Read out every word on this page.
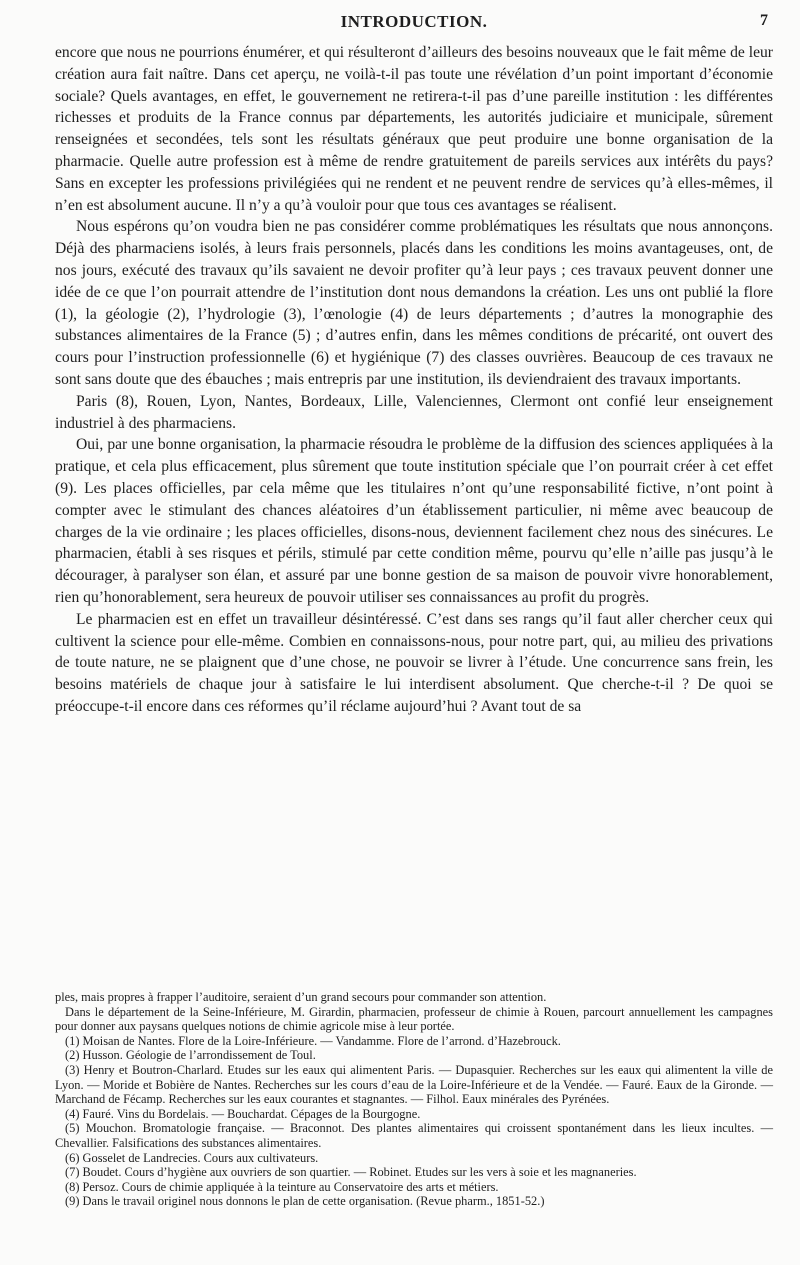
INTRODUCTION.	7

encore que nous ne pourrions énumérer, et qui résulteront d’ailleurs des besoins nouveaux que le fait même de leur création aura fait naître. Dans cet aperçu, ne voilà-t-il pas toute une révélation d’un point important d’économie sociale? Quels avantages, en effet, le gouvernement ne retirera-t-il pas d’une pareille institution : les différentes richesses et produits de la France connus par départements, les autorités judiciaire et municipale, sûrement renseignées et secondées, tels sont les résultats généraux que peut produire une bonne organisation de la pharmacie. Quelle autre profession est à même de rendre gratuitement de pareils services aux intérêts du pays? Sans en excepter les professions privilégiées qui ne rendent et ne peuvent rendre de services qu’à elles-mêmes, il n’en est absolument aucune. Il n’y a qu’à vouloir pour que tous ces avantages se réalisent.

Nous espérons qu’on voudra bien ne pas considérer comme problématiques les résultats que nous annonçons. Déjà des pharmaciens isolés, à leurs frais personnels, placés dans les conditions les moins avantageuses, ont, de nos jours, exécuté des travaux qu’ils savaient ne devoir profiter qu’à leur pays ; ces travaux peuvent donner une idée de ce que l’on pourrait attendre de l’institution dont nous demandons la création. Les uns ont publié la flore (1), la géologie (2), l’hydrologie (3), l’œnologie (4) de leurs départements ; d’autres la monographie des substances alimentaires de la France (5) ; d’autres enfin, dans les mêmes conditions de précarité, ont ouvert des cours pour l’instruction professionnelle (6) et hygiénique (7) des classes ouvrières. Beaucoup de ces travaux ne sont sans doute que des ébauches ; mais entrepris par une institution, ils deviendraient des travaux importants.

Paris (8), Rouen, Lyon, Nantes, Bordeaux, Lille, Valenciennes, Clermont ont confié leur enseignement industriel à des pharmaciens.

Oui, par une bonne organisation, la pharmacie résoudra le problème de la diffusion des sciences appliquées à la pratique, et cela plus efficacement, plus sûrement que toute institution spéciale que l’on pourrait créer à cet effet (9). Les places officielles, par cela même que les titulaires n’ont qu’une responsabilité fictive, n’ont point à compter avec le stimulant des chances aléatoires d’un établissement particulier, ni même avec beaucoup de charges de la vie ordinaire ; les places officielles, disons-nous, deviennent facilement chez nous des sinécures. Le pharmacien, établi à ses risques et périls, stimulé par cette condition même, pourvu qu’elle n’aille pas jusqu’à le décourager, à paralyser son élan, et assuré par une bonne gestion de sa maison de pouvoir vivre honorablement, rien qu’honorablement, sera heureux de pouvoir utiliser ses connaissances au profit du progrès.

Le pharmacien est en effet un travailleur désintéressé. C’est dans ses rangs qu’il faut aller chercher ceux qui cultivent la science pour elle-même. Combien en connaissons-nous, pour notre part, qui, au milieu des privations de toute nature, ne se plaignent que d’une chose, ne pouvoir se livrer à l’étude. Une concurrence sans frein, les besoins matériels de chaque jour à satisfaire le lui interdisent absolument. Que cherche-t-il ? De quoi se préoccupe-t-il encore dans ces réformes qu’il réclame aujourd’hui ? Avant tout de sa

ples, mais propres à frapper l’auditoire, seraient d’un grand secours pour commander son attention.

Dans le département de la Seine-Inférieure, M. Girardin, pharmacien, professeur de chimie à Rouen, parcourt annuellement les campagnes pour donner aux paysans quelques notions de chimie agricole mise à leur portée.

(1) Moisan de Nantes. Flore de la Loire-Inférieure. — Vandamme. Flore de l’arrond. d’Hazebrouck.

(2) Husson. Géologie de l’arrondissement de Toul.

(3) Henry et Boutron-Charlard. Etudes sur les eaux qui alimentent Paris. — Dupasquier. Recherches sur les eaux qui alimentent la ville de Lyon. — Moride et Bobière de Nantes. Recherches sur les cours d’eau de la Loire-Inférieure et de la Vendée. — Fauré. Eaux de la Gironde. — Marchand de Fécamp. Recherches sur les eaux courantes et stagnantes. — Filhol. Eaux minérales des Pyrénées.

(4) Fauré. Vins du Bordelais. — Bouchardat. Cépages de la Bourgogne.

(5) Mouchon. Bromatologie française. — Braconnot. Des plantes alimentaires qui croissent spontanément dans les lieux incultes. — Chevallier. Falsifications des substances alimentaires.

(6) Gosselet de Landrecies. Cours aux cultivateurs.

(7) Boudet. Cours d’hygiène aux ouvriers de son quartier. — Robinet. Etudes sur les vers à soie et les magnaneries.

(8) Persoz. Cours de chimie appliquée à la teinture au Conservatoire des arts et métiers.

(9) Dans le travail originel nous donnons le plan de cette organisation. (Revue pharm., 1851-52.)
